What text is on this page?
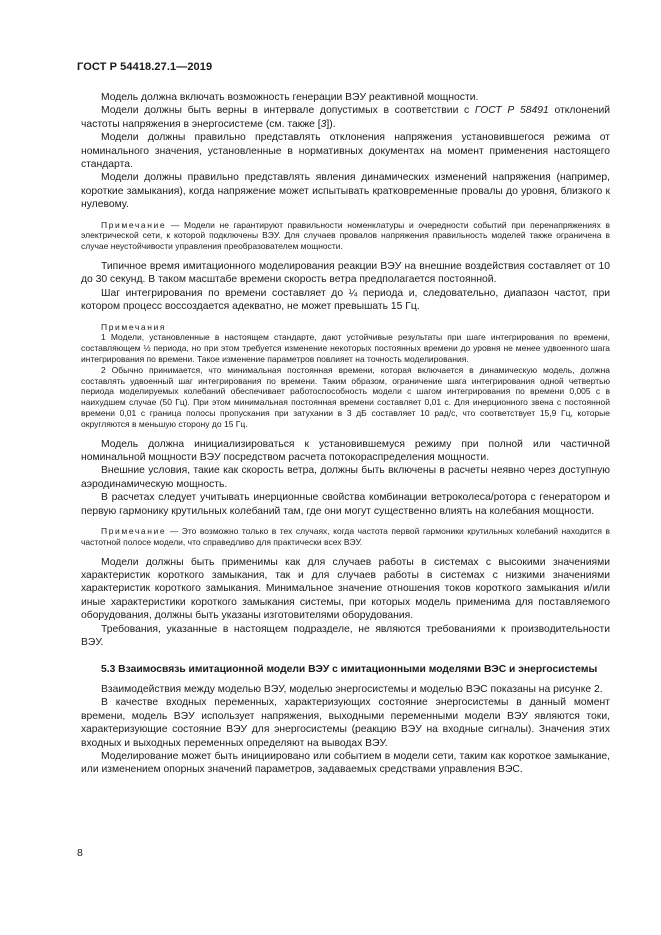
ГОСТ Р 54418.27.1—2019

Модель должна включать возможность генерации ВЭУ реактивной мощности.

Модели должны быть верны в интервале допустимых в соответствии с ГОСТ Р 58491 отклонений частоты напряжения в энергосистеме (см. также [3]).

Модели должны правильно представлять отклонения напряжения установившегося режима от номинального значения, установленные в нормативных документах на момент применения настоящего стандарта.

Модели должны правильно представлять явления динамических изменений напряжения (например, короткие замыкания), когда напряжение может испытывать кратковременные провалы до уровня, близкого к нулевому.

Примечание — Модели не гарантируют правильности номенклатуры и очередности событий при перенапряжениях в электрической сети, к которой подключены ВЭУ. Для случаев провалов напряжения правильность моделей также ограничена в случае неустойчивости управления преобразователем мощности.

Типичное время имитационного моделирования реакции ВЭУ на внешние воздействия составляет от 10 до 30 секунд. В таком масштабе времени скорость ветра предполагается постоянной.

Шаг интегрирования по времени составляет до ¼ периода и, следовательно, диапазон частот, при котором процесс воссоздается адекватно, не может превышать 15 Гц.

Примечания

1 Модели, установленные в настоящем стандарте, дают устойчивые результаты при шаге интегрирования по времени, составляющем ½ периода, но при этом требуется изменение некоторых постоянных времени до уровня не менее удвоенного шага интегрирования по времени. Такое изменение параметров повлияет на точность моделирования.

2 Обычно принимается, что минимальная постоянная времени, которая включается в динамическую модель, должна составлять удвоенный шаг интегрирования по времени. Таким образом, ограничение шага интегрирования одной четвертью периода моделируемых колебаний обеспечивает работоспособность модели с шагом интегрирования по времени 0,005 с в наихудшем случае (50 Гц). При этом минимальная постоянная времени составляет 0,01 с. Для инерционного звена с постоянной времени 0,01 с граница полосы пропускания при затухании в 3 дБ составляет 10 рад/с, что соответствует 15,9 Гц, которые округляются в меньшую сторону до 15 Гц.

Модель должна инициализироваться к установившемуся режиму при полной или частичной номинальной мощности ВЭУ посредством расчета потокораспределения мощности.

Внешние условия, такие как скорость ветра, должны быть включены в расчеты неявно через доступную аэродинамическую мощность.

В расчетах следует учитывать инерционные свойства комбинации ветроколеса/ротора с генератором и первую гармонику крутильных колебаний там, где они могут существенно влиять на колебания мощности.

Примечание — Это возможно только в тех случаях, когда частота первой гармоники крутильных колебаний находится в частотной полосе модели, что справедливо для практически всех ВЭУ.

Модели должны быть применимы как для случаев работы в системах с высокими значениями характеристик короткого замыкания, так и для случаев работы в системах с низкими значениями характеристик короткого замыкания. Минимальное значение отношения токов короткого замыкания и/или иные характеристики короткого замыкания системы, при которых модель применима для поставляемого оборудования, должны быть указаны изготовителями оборудования.

Требования, указанные в настоящем подразделе, не являются требованиями к производительности ВЭУ.

5.3 Взаимосвязь имитационной модели ВЭУ с имитационными моделями ВЭС и энергосистемы

Взаимодействия между моделью ВЭУ, моделью энергосистемы и моделью ВЭС показаны на рисунке 2.

В качестве входных переменных, характеризующих состояние энергосистемы в данный момент времени, модель ВЭУ использует напряжения, выходными переменными модели ВЭУ являются токи, характеризующие состояние ВЭУ для энергосистемы (реакцию ВЭУ на входные сигналы). Значения этих входных и выходных переменных определяют на выводах ВЭУ.

Моделирование может быть инициировано или событием в модели сети, таким как короткое замыкание, или изменением опорных значений параметров, задаваемых средствами управления ВЭС.

8
